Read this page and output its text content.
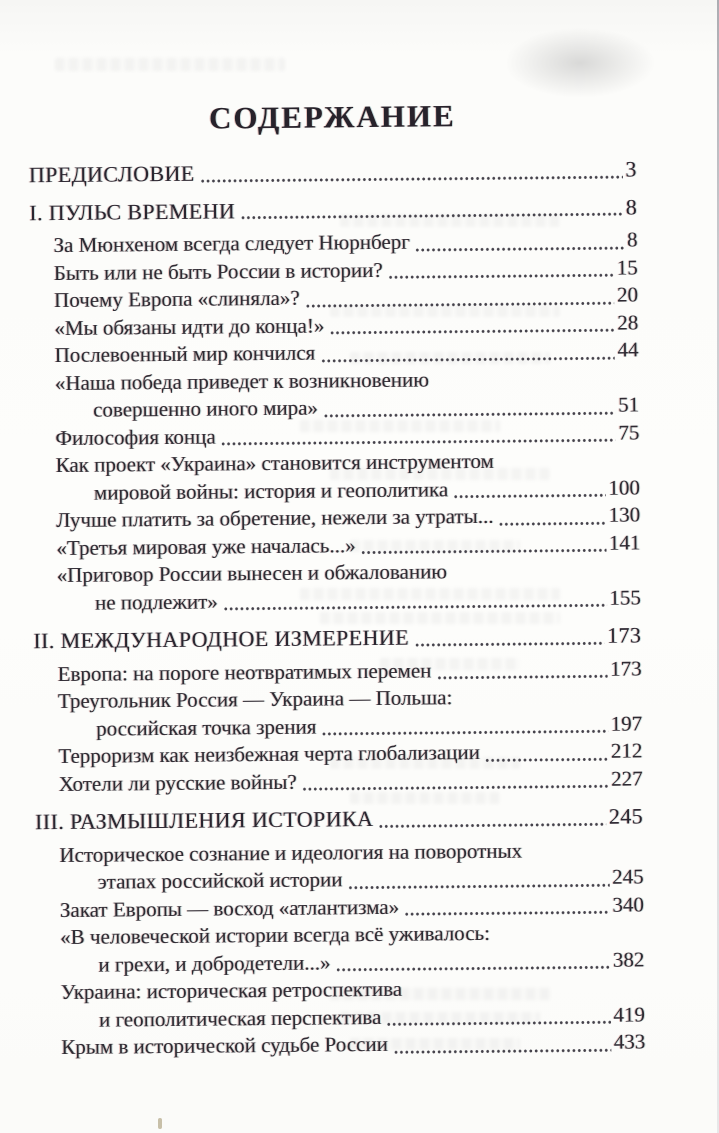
СОДЕРЖАНИЕ
ПРЕДИСЛОВИЕ	3
I. ПУЛЬС ВРЕМЕНИ	8
За Мюнхеном всегда следует Нюрнберг	8
Быть или не быть России в истории?	15
Почему Европа «слиняла»?	20
«Мы обязаны идти до конца!»	28
Послевоенный мир кончился	44
«Наша победа приведет к возникновению
совершенно иного мира»	51
Философия конца	75
Как проект «Украина» становится инструментом
мировой войны: история и геополитика	100
Лучше платить за обретение, нежели за утраты...	130
«Третья мировая уже началась...»	141
«Приговор России вынесен и обжалованию
не подлежит»	155
II. МЕЖДУНАРОДНОЕ ИЗМЕРЕНИЕ	173
Европа: на пороге неотвратимых перемен	173
Треугольник Россия — Украина — Польша:
российская точка зрения	197
Терроризм как неизбежная черта глобализации	212
Хотели ли русские войны?	227
III. РАЗМЫШЛЕНИЯ ИСТОРИКА	245
Историческое сознание и идеология на поворотных
этапах российской истории	245
Закат Европы — восход «атлантизма»	340
«В человеческой истории всегда всё уживалось:
и грехи, и добродетели...»	382
Украина: историческая ретроспектива
и геополитическая перспектива	419
Крым в исторической судьбе России	433
